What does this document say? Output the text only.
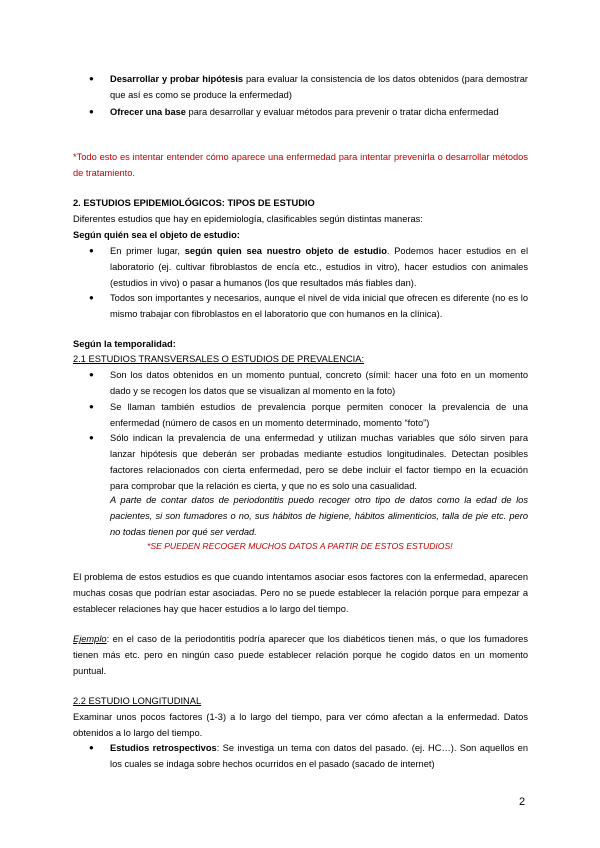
● Desarrollar y probar hipótesis para evaluar la consistencia de los datos obtenidos (para demostrar que así es como se produce la enfermedad)
● Ofrecer una base para desarrollar y evaluar métodos para prevenir o tratar dicha enfermedad
*Todo esto es intentar entender cómo aparece una enfermedad para intentar prevenirla o desarrollar métodos de tratamiento.
2. ESTUDIOS EPIDEMIOLÓGICOS: TIPOS DE ESTUDIO
Diferentes estudios que hay en epidemiología, clasificables según distintas maneras:
Según quién sea el objeto de estudio:
● En primer lugar, según quien sea nuestro objeto de estudio. Podemos hacer estudios en el laboratorio (ej. cultivar fibroblastos de encía etc., estudios in vitro), hacer estudios con animales (estudios in vivo) o pasar a humanos (los que resultados más fiables dan).
● Todos son importantes y necesarios, aunque el nivel de vida inicial que ofrecen es diferente (no es lo mismo trabajar con fibroblastos en el laboratorio que con humanos en la clínica).
Según la temporalidad:
2.1 ESTUDIOS TRANSVERSALES O ESTUDIOS DE PREVALENCIA:
● Son los datos obtenidos en un momento puntual, concreto (símil: hacer una foto en un momento dado y se recogen los datos que se visualizan al momento en la foto)
● Se llaman también estudios de prevalencia porque permiten conocer la prevalencia de una enfermedad (número de casos en un momento determinado, momento “foto”)
● Sólo indican la prevalencia de una enfermedad y utilizan muchas variables que sólo sirven para lanzar hipótesis que deberán ser probadas mediante estudios longitudinales. Detectan posibles factores relacionados con cierta enfermedad, pero se debe incluir el factor tiempo en la ecuación para comprobar que la relación es cierta, y que no es solo una casualidad.
A parte de contar datos de periodontitis puedo recoger otro tipo de datos como la edad de los pacientes, si son fumadores o no, sus hábitos de higiene, hábitos alimenticios, talla de pie etc. pero no todas tienen por qué ser verdad.
*SE PUEDEN RECOGER MUCHOS DATOS A PARTIR DE ESTOS ESTUDIOS!
El problema de estos estudios es que cuando intentamos asociar esos factores con la enfermedad, aparecen muchas cosas que podrían estar asociadas. Pero no se puede establecer la relación porque para empezar a establecer relaciones hay que hacer estudios a lo largo del tiempo.
Ejemplo: en el caso de la periodontitis podría aparecer que los diabéticos tienen más, o que los fumadores tienen más etc. pero en ningún caso puede establecer relación porque he cogido datos en un momento puntual.
2.2 ESTUDIO LONGITUDINAL
Examinar unos pocos factores (1-3) a lo largo del tiempo, para ver cómo afectan a la enfermedad. Datos obtenidos a lo largo del tiempo.
● Estudios retrospectivos: Se investiga un tema con datos del pasado. (ej. HC…). Son aquellos en los cuales se indaga sobre hechos ocurridos en el pasado (sacado de internet)
2
